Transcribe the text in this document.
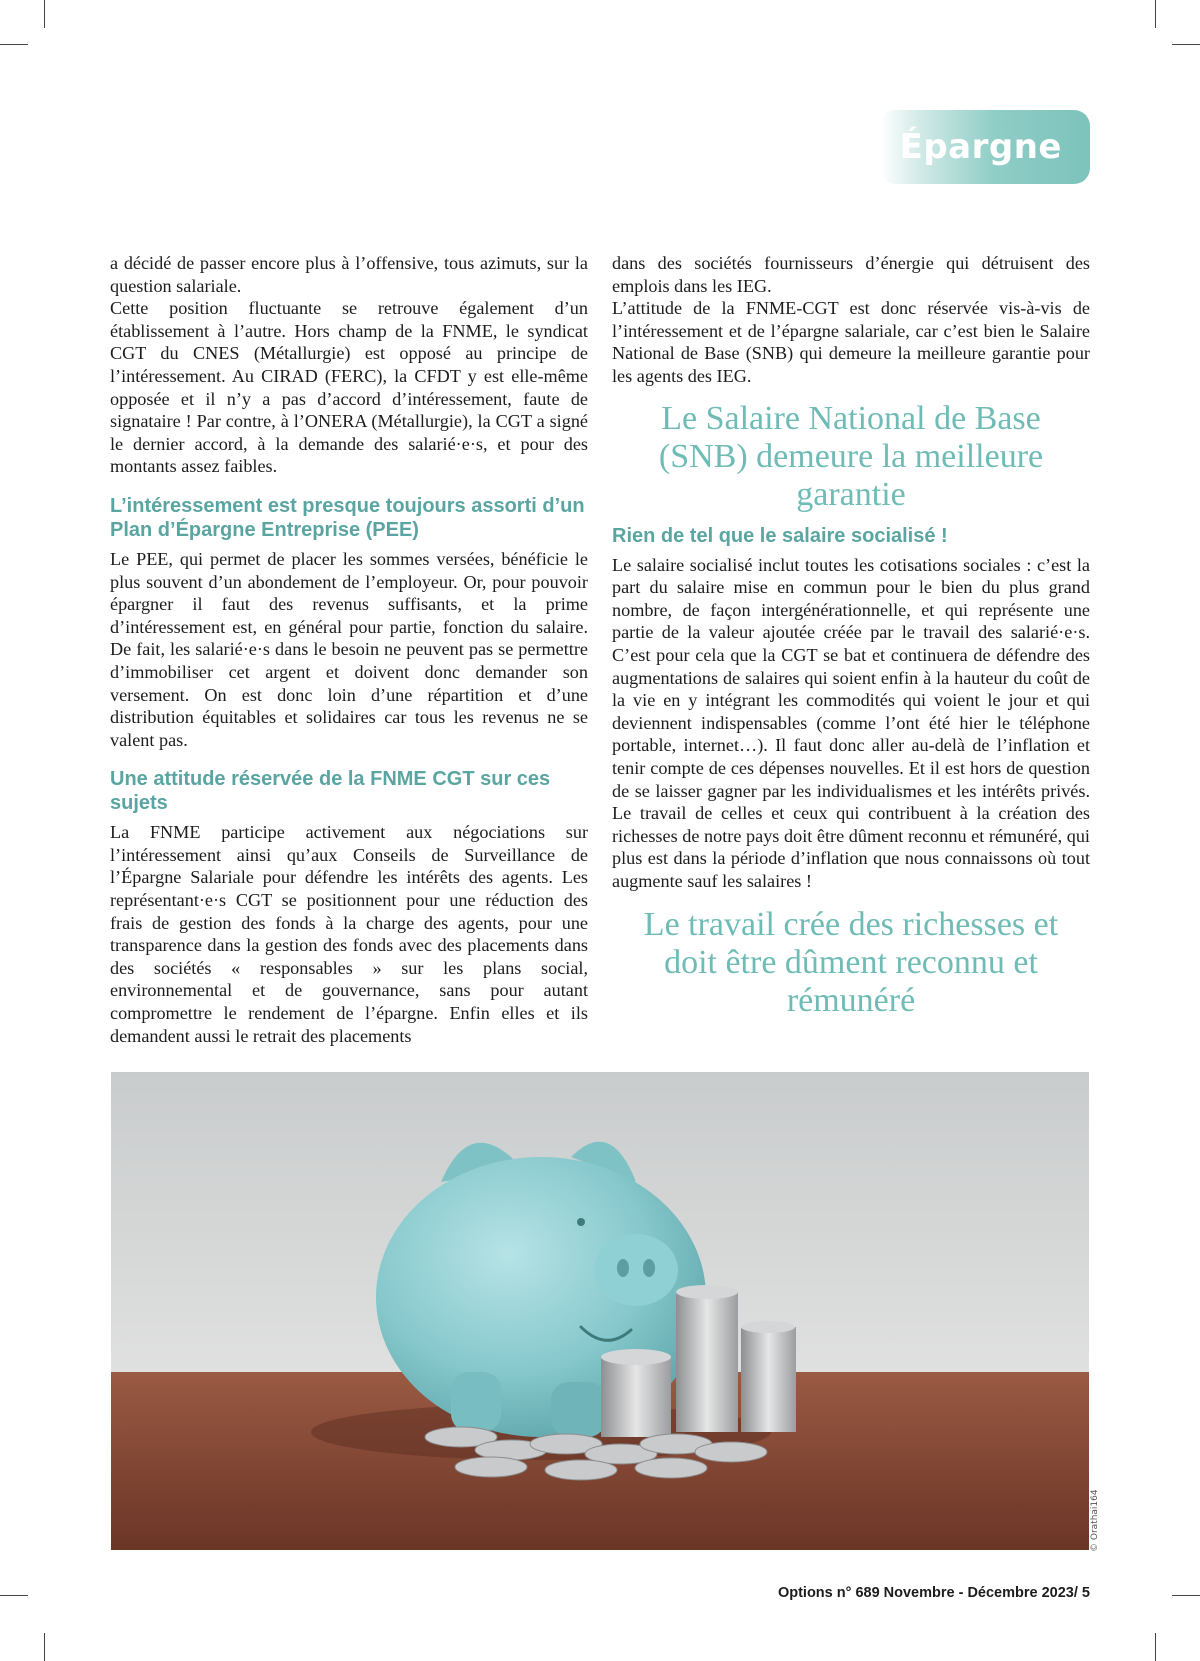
Épargne

a décidé de passer encore plus à l’offensive, tous azimuts, sur la question salariale.

Cette position fluctuante se retrouve également d’un établissement à l’autre. Hors champ de la FNME, le syndicat CGT du CNES (Métallurgie) est opposé au principe de l’intéressement. Au CIRAD (FERC), la CFDT y est elle-même opposée et il n’y a pas d’accord d’intéressement, faute de signataire ! Par contre, à l’ONERA (Métallurgie), la CGT a signé le dernier accord, à la demande des salarié·e·s, et pour des montants assez faibles.

L’intéressement est presque toujours assorti d’un Plan d’Épargne Entreprise (PEE)

Le PEE, qui permet de placer les sommes versées, bénéficie le plus souvent d’un abondement de l’employeur. Or, pour pouvoir épargner il faut des revenus suffisants, et la prime d’intéressement est, en général pour partie, fonction du salaire. De fait, les salarié·e·s dans le besoin ne peuvent pas se permettre d’immobiliser cet argent et doivent donc demander son versement. On est donc loin d’une répartition et d’une distribution équitables et solidaires car tous les revenus ne se valent pas.

Une attitude réservée de la FNME CGT sur ces sujets

La FNME participe activement aux négociations sur l’intéressement ainsi qu’aux Conseils de Surveillance de l’Épargne Salariale pour défendre les intérêts des agents. Les représentant·e·s CGT se positionnent pour une réduction des frais de gestion des fonds à la charge des agents, pour une transparence dans la gestion des fonds avec des placements dans des sociétés « responsables » sur les plans social, environnemental et de gouvernance, sans pour autant compromettre le rendement de l’épargne. Enfin elles et ils demandent aussi le retrait des placements

dans des sociétés fournisseurs d’énergie qui détruisent des emplois dans les IEG.

L’attitude de la FNME-CGT est donc réservée vis-à-vis de l’intéressement et de l’épargne salariale, car c’est bien le Salaire National de Base (SNB) qui demeure la meilleure garantie pour les agents des IEG.

Le Salaire National de Base (SNB) demeure la meilleure garantie

Rien de tel que le salaire socialisé !

Le salaire socialisé inclut toutes les cotisations sociales : c’est la part du salaire mise en commun pour le bien du plus grand nombre, de façon intergénérationnelle, et qui représente une partie de la valeur ajoutée créée par le travail des salarié·e·s. C’est pour cela que la CGT se bat et continuera de défendre des augmentations de salaires qui soient enfin à la hauteur du coût de la vie en y intégrant les commodités qui voient le jour et qui deviennent indispensables (comme l’ont été hier le téléphone portable, internet…). Il faut donc aller au-delà de l’inflation et tenir compte de ces dépenses nouvelles. Et il est hors de question de se laisser gagner par les individualismes et les intérêts privés. Le travail de celles et ceux qui contribuent à la création des richesses de notre pays doit être dûment reconnu et rémunéré, qui plus est dans la période d’inflation que nous connaissons où tout augmente sauf les salaires !

Le travail crée des richesses et doit être dûment reconnu et rémunéré

© Orathai164
Options n° 689 Novembre - Décembre 2023/ 5
